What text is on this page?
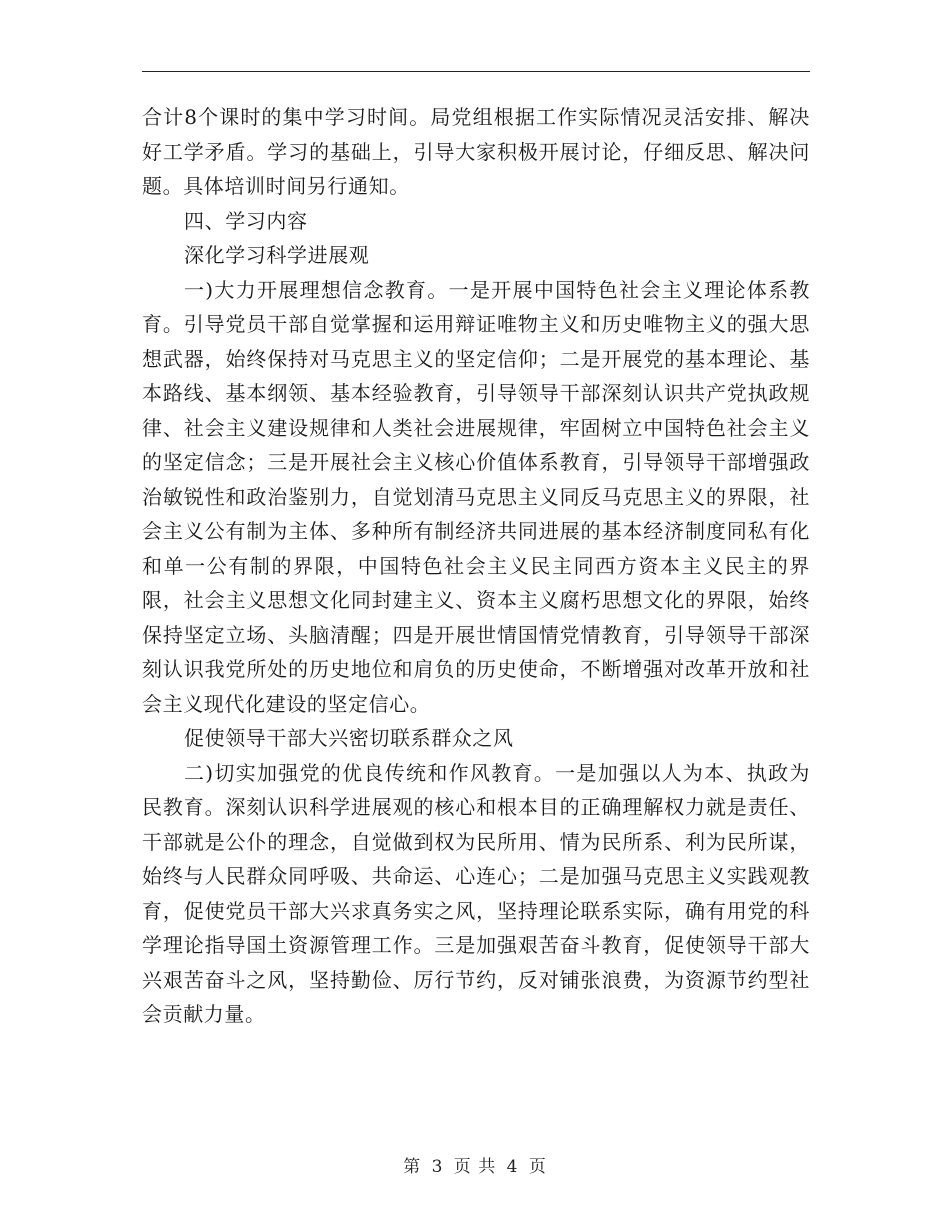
合计8个课时的集中学习时间。局党组根据工作实际情况灵活安排、解决好工学矛盾。学习的基础上，引导大家积极开展讨论，仔细反思、解决问题。具体培训时间另行通知。

四、学习内容

深化学习科学进展观

一)大力开展理想信念教育。一是开展中国特色社会主义理论体系教育。引导党员干部自觉掌握和运用辩证唯物主义和历史唯物主义的强大思想武器，始终保持对马克思主义的坚定信仰；二是开展党的基本理论、基本路线、基本纲领、基本经验教育，引导领导干部深刻认识共产党执政规律、社会主义建设规律和人类社会进展规律，牢固树立中国特色社会主义的坚定信念；三是开展社会主义核心价值体系教育，引导领导干部增强政治敏锐性和政治鉴别力，自觉划清马克思主义同反马克思主义的界限，社会主义公有制为主体、多种所有制经济共同进展的基本经济制度同私有化和单一公有制的界限，中国特色社会主义民主同西方资本主义民主的界限，社会主义思想文化同封建主义、资本主义腐朽思想文化的界限，始终保持坚定立场、头脑清醒；四是开展世情国情党情教育，引导领导干部深刻认识我党所处的历史地位和肩负的历史使命，不断增强对改革开放和社会主义现代化建设的坚定信心。

促使领导干部大兴密切联系群众之风

二)切实加强党的优良传统和作风教育。一是加强以人为本、执政为民教育。深刻认识科学进展观的核心和根本目的正确理解权力就是责任、干部就是公仆的理念，自觉做到权为民所用、情为民所系、利为民所谋，始终与人民群众同呼吸、共命运、心连心；二是加强马克思主义实践观教育，促使党员干部大兴求真务实之风，坚持理论联系实际，确有用党的科学理论指导国土资源管理工作。三是加强艰苦奋斗教育，促使领导干部大兴艰苦奋斗之风，坚持勤俭、厉行节约，反对铺张浪费，为资源节约型社会贡献力量。

第 3 页 共 4 页
